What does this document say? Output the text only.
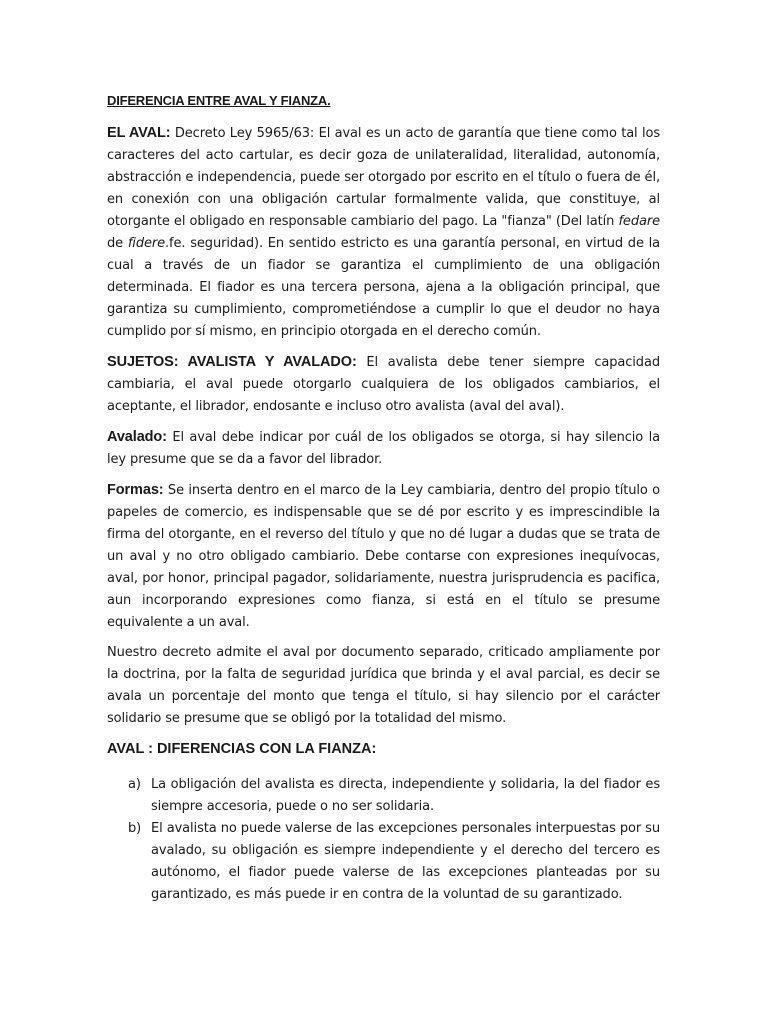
DIFERENCIA ENTRE AVAL Y FIANZA.

EL AVAL: Decreto Ley 5965/63: El aval es un acto de garantía que tiene como tal los caracteres del acto cartular, es decir goza de unilateralidad, literalidad, autonomía, abstracción e independencia, puede ser otorgado por escrito en el título o fuera de él, en conexión con una obligación cartular formalmente valida, que constituye, al otorgante el obligado en responsable cambiario del pago. La "fianza" (Del latín fedare de fidere.fe. seguridad). En sentido estricto es una garantía personal, en virtud de la cual a través de un fiador se garantiza el cumplimiento de una obligación determinada. El fiador es una tercera persona, ajena a la obligación principal, que garantiza su cumplimiento, comprometiéndose a cumplir lo que el deudor no haya cumplido por sí mismo, en principio otorgada en el derecho común.

SUJETOS: AVALISTA Y AVALADO: El avalista debe tener siempre capacidad cambiaria, el aval puede otorgarlo cualquiera de los obligados cambiarios, el aceptante, el librador, endosante e incluso otro avalista (aval del aval).

Avalado: El aval debe indicar por cuál de los obligados se otorga, si hay silencio la ley presume que se da a favor del librador.

Formas: Se inserta dentro en el marco de la Ley cambiaria, dentro del propio título o papeles de comercio, es indispensable que se dé por escrito y es imprescindible la firma del otorgante, en el reverso del título y que no dé lugar a dudas que se trata de un aval y no otro obligado cambiario. Debe contarse con expresiones inequívocas, aval, por honor, principal pagador, solidariamente, nuestra jurisprudencia es pacifica, aun incorporando expresiones como fianza, si está en el título se presume equivalente a un aval.

Nuestro decreto admite el aval por documento separado, criticado ampliamente por la doctrina, por la falta de seguridad jurídica que brinda y el aval parcial, es decir se avala un porcentaje del monto que tenga el título, si hay silencio por el carácter solidario se presume que se obligó por la totalidad del mismo.

AVAL : DIFERENCIAS CON LA FIANZA:
a) La obligación del avalista es directa, independiente y solidaria, la del fiador es siempre accesoria, puede o no ser solidaria.
b) El avalista no puede valerse de las excepciones personales interpuestas por su avalado, su obligación es siempre independiente y el derecho del tercero es autónomo, el fiador puede valerse de las excepciones planteadas por su garantizado, es más puede ir en contra de la voluntad de su garantizado.
